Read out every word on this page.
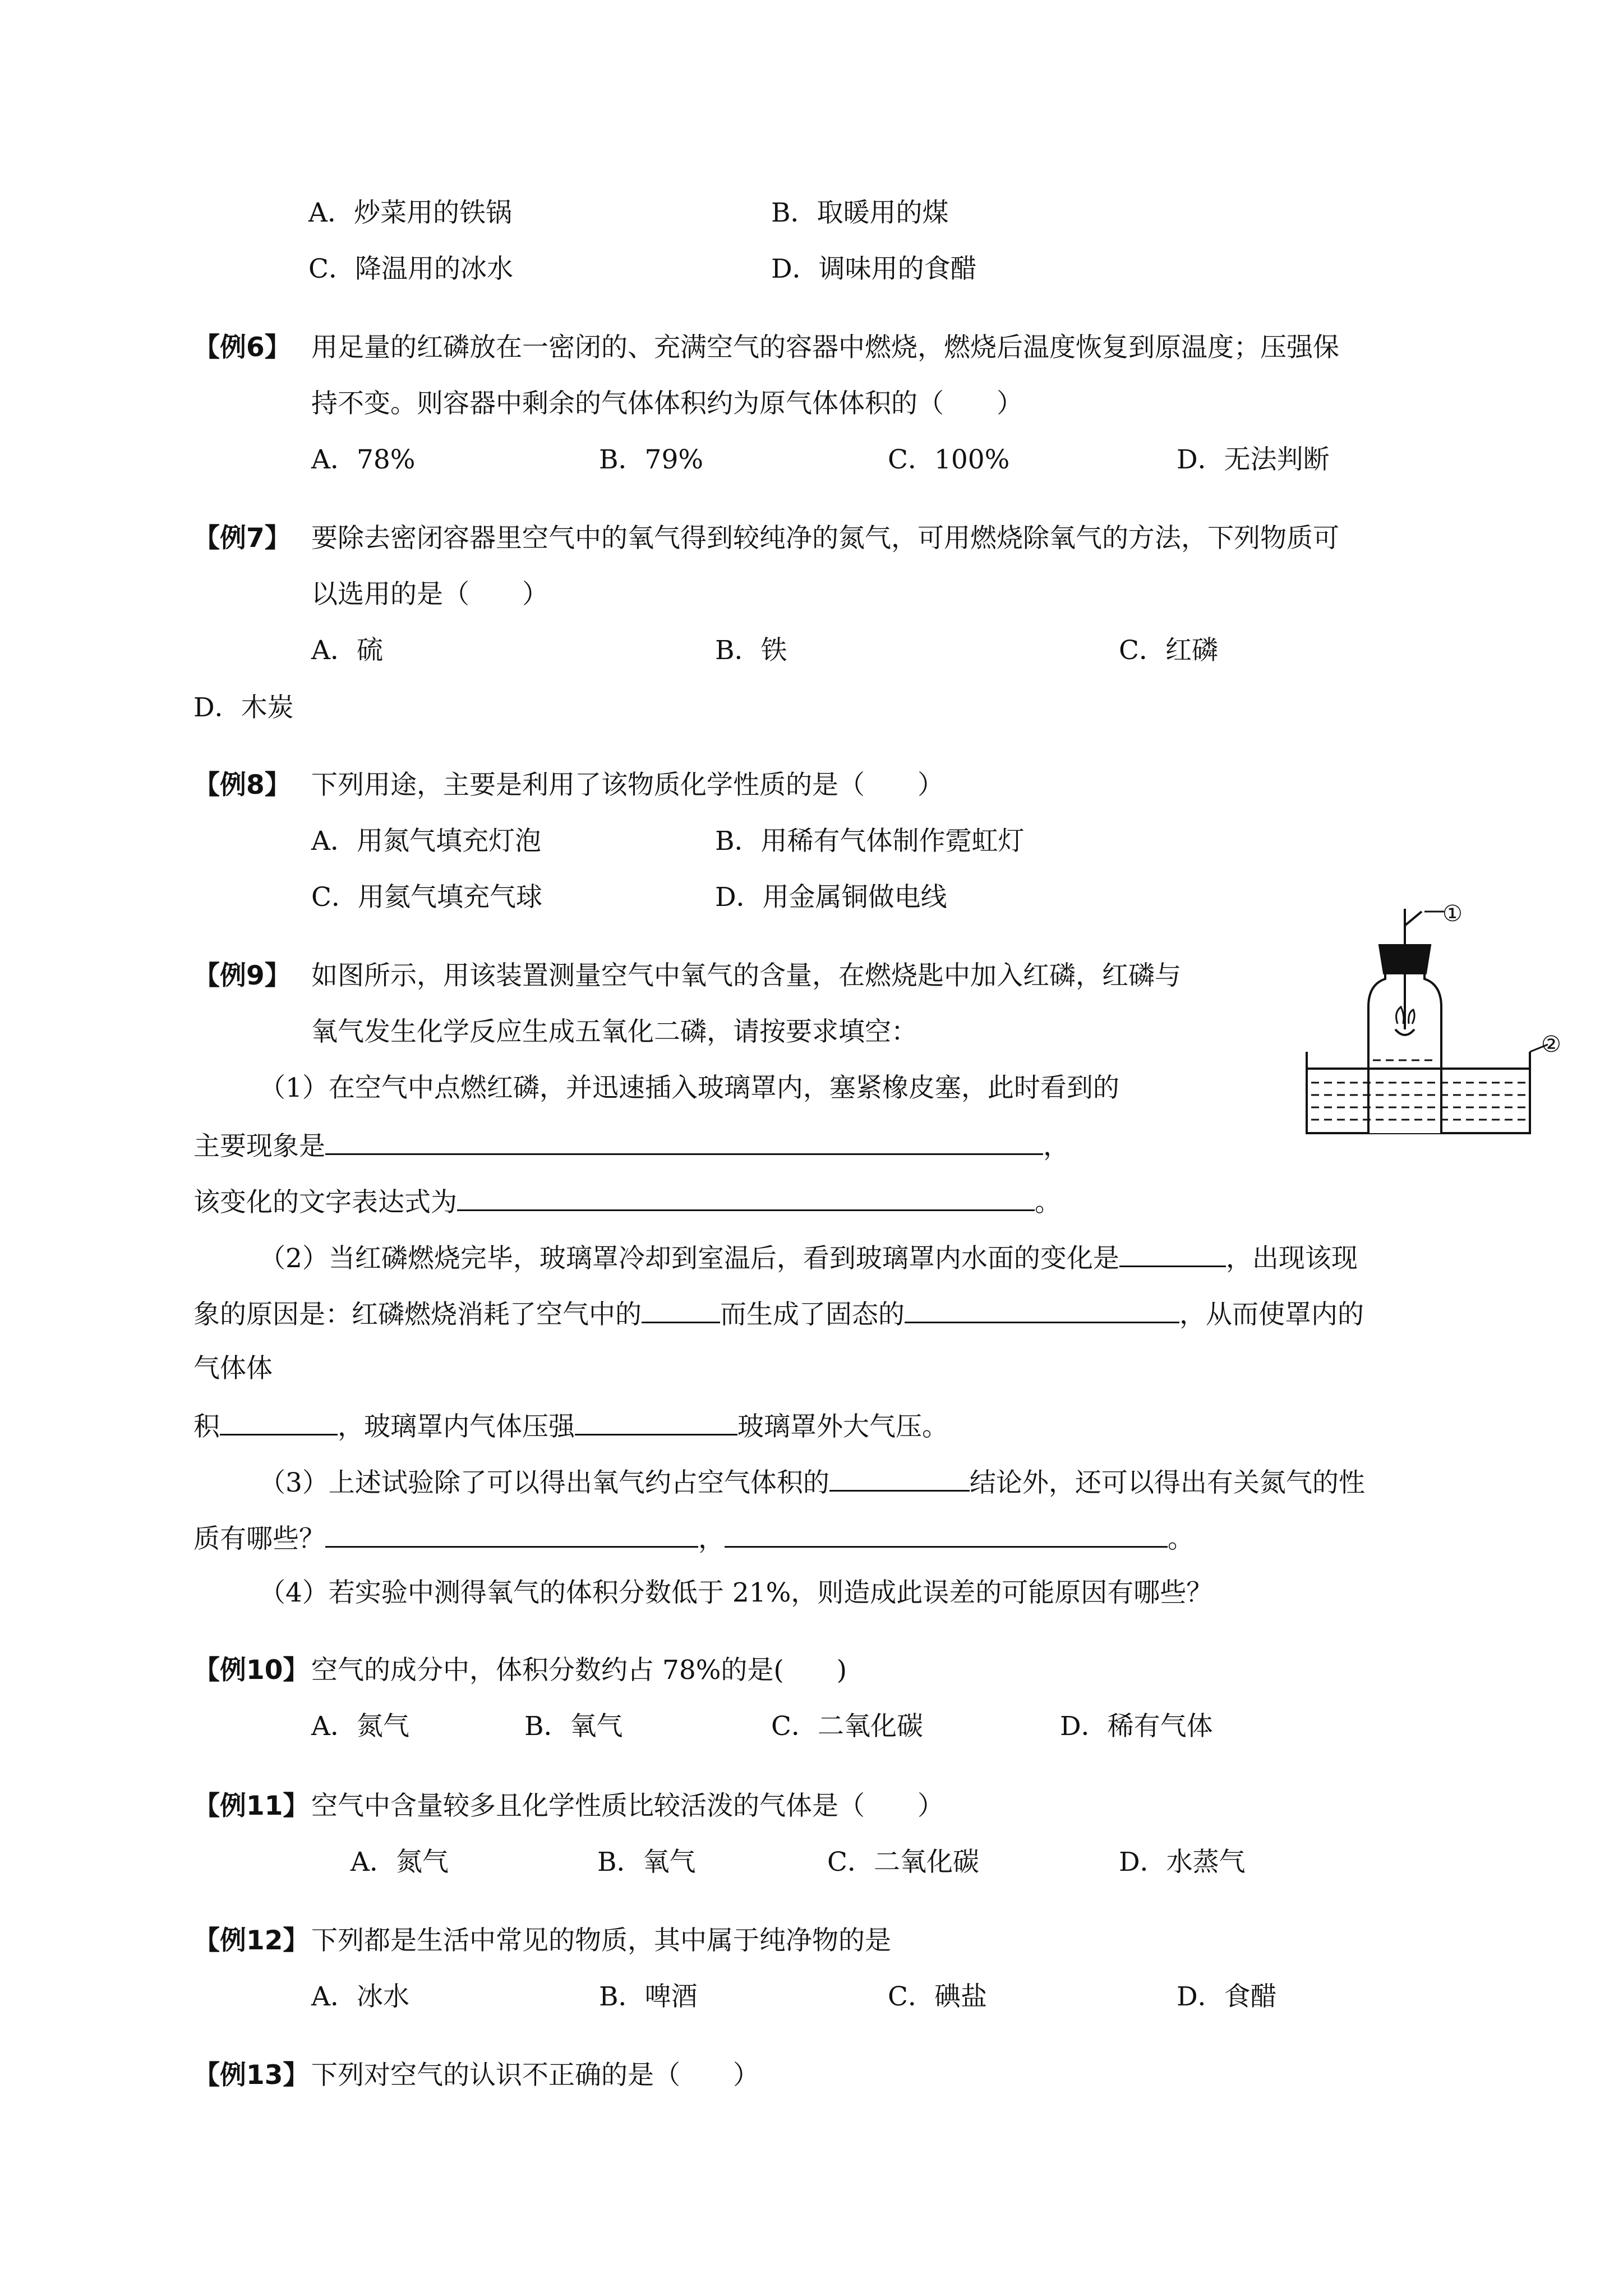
A．炒菜用的铁锅	B．取暖用的煤
C．降温用的冰水	D．调味用的食醋
【例6】 用足量的红磷放在一密闭的、充满空气的容器中燃烧，燃烧后温度恢复到原温度；压强保
持不变。则容器中剩余的气体体积约为原气体体积的（　　）
A．78%	B．79%	C．100%	D．无法判断
【例7】 要除去密闭容器里空气中的氧气得到较纯净的氮气，可用燃烧除氧气的方法，下列物质可
以选用的是（　　）
A．硫	B．铁	C．红磷
D．木炭
【例8】 下列用途，主要是利用了该物质化学性质的是（　　）
A．用氮气填充灯泡	B．用稀有气体制作霓虹灯
C．用氦气填充气球	D．用金属铜做电线
【例9】 如图所示，用该装置测量空气中氧气的含量，在燃烧匙中加入红磷，红磷与
氧气发生化学反应生成五氧化二磷，请按要求填空：
（1）在空气中点燃红磷，并迅速插入玻璃罩内，塞紧橡皮塞，此时看到的
主要现象是	，
该变化的文字表达式为	。
（2）当红磷燃烧完毕，玻璃罩冷却到室温后，看到玻璃罩内水面的变化是	，出现该现
象的原因是：红磷燃烧消耗了空气中的	而生成了固态的	，从而使罩内的
气体体
积	，玻璃罩内气体压强	玻璃罩外大气压。
（3）上述试验除了可以得出氧气约占空气体积的	结论外，还可以得出有关氮气的性
质有哪些？	，	。
（4）若实验中测得氧气的体积分数低于 21%，则造成此误差的可能原因有哪些？
①
②
【例10】 空气的成分中，体积分数约占 78%的是(　　)
A．氮气	B．氧气	C．二氧化碳	D．稀有气体
【例11】 空气中含量较多且化学性质比较活泼的气体是（　　）
A．氮气	B．氧气	C．二氧化碳	D．水蒸气
【例12】 下列都是生活中常见的物质，其中属于纯净物的是
A．冰水	B．啤酒	C．碘盐	D．食醋
【例13】 下列对空气的认识不正确的是（　　）
